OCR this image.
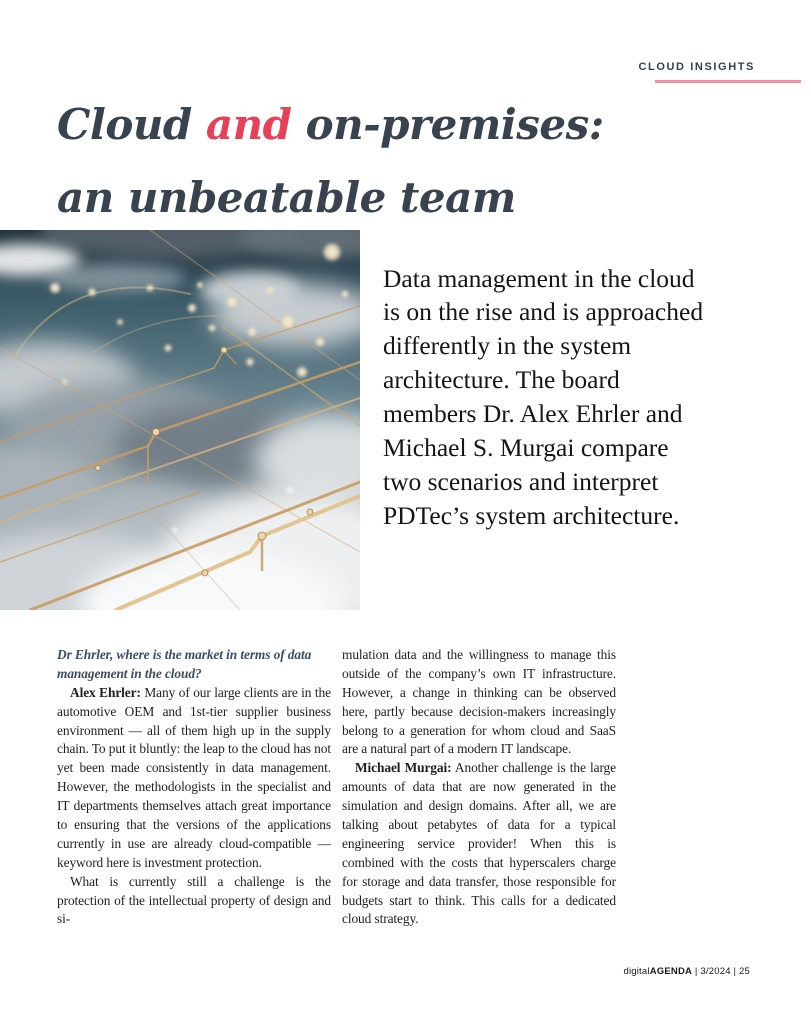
CLOUD INSIGHTS
Cloud and on-premises:
an unbeatable team

Data management in the cloud is on the rise and is approached differently in the system architecture. The board members Dr. Alex Ehrler and Michael S. Murgai compare two scenarios and interpret PDTec’s system architecture.

Dr Ehrler, where is the market in terms of data management in the cloud?

Alex Ehrler: Many of our large clients are in the automotive OEM and 1st-tier supplier business environment — all of them high up in the supply chain. To put it bluntly: the leap to the cloud has not yet been made consistently in data management. However, the methodologists in the specialist and IT departments themselves attach great importance to ensuring that the versions of the applications currently in use are already cloud-compatible — keyword here is investment protection.

What is currently still a challenge is the protection of the intellectual property of design and si-

mulation data and the willingness to manage this outside of the company’s own IT infrastructure. However, a change in thinking can be observed here, partly because decision-makers increasingly belong to a generation for whom cloud and SaaS are a natural part of a modern IT landscape.

Michael Murgai: Another challenge is the large amounts of data that are now generated in the simulation and design domains. After all, we are talking about petabytes of data for a typical engineering service provider! When this is combined with the costs that hyperscalers charge for storage and data transfer, those responsible for budgets start to think. This calls for a dedicated cloud strategy.

digitalAGENDA | 3/2024 | 25
